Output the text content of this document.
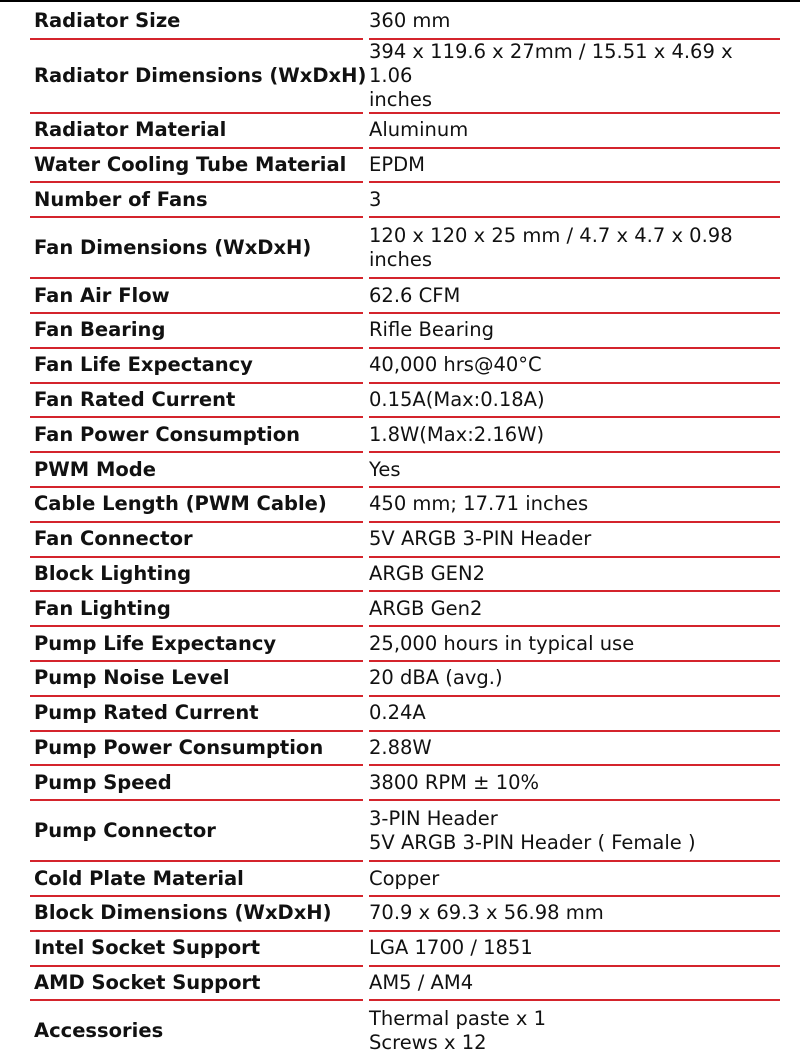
Radiator Size	360 mm

Radiator Dimensions (WxDxH)	394 x 119.6 x 27mm / 15.51 x 4.69 x 1.06
inches

Radiator Material	Aluminum

Water Cooling Tube Material	EPDM

Number of Fans	3

Fan Dimensions (WxDxH)	120 x 120 x 25 mm / 4.7 x 4.7 x 0.98
inches

Fan Air Flow	62.6 CFM

Fan Bearing	Rifle Bearing

Fan Life Expectancy	40,000 hrs@40°C

Fan Rated Current	0.15A(Max:0.18A)

Fan Power Consumption	1.8W(Max:2.16W)

PWM Mode	Yes

Cable Length (PWM Cable)	450 mm; 17.71 inches

Fan Connector	5V ARGB 3-PIN Header

Block Lighting	ARGB GEN2

Fan Lighting	ARGB Gen2

Pump Life Expectancy	25,000 hours in typical use

Pump Noise Level	20 dBA (avg.)

Pump Rated Current	0.24A

Pump Power Consumption	2.88W

Pump Speed	3800 RPM ± 10%

Pump Connector	3-PIN Header
5V ARGB 3-PIN Header ( Female )

Cold Plate Material	Copper

Block Dimensions (WxDxH)	70.9 x 69.3 x 56.98 mm

Intel Socket Support	LGA 1700 / 1851

AMD Socket Support	AM5 / AM4

Accessories	Thermal paste x 1
Screws x 12
